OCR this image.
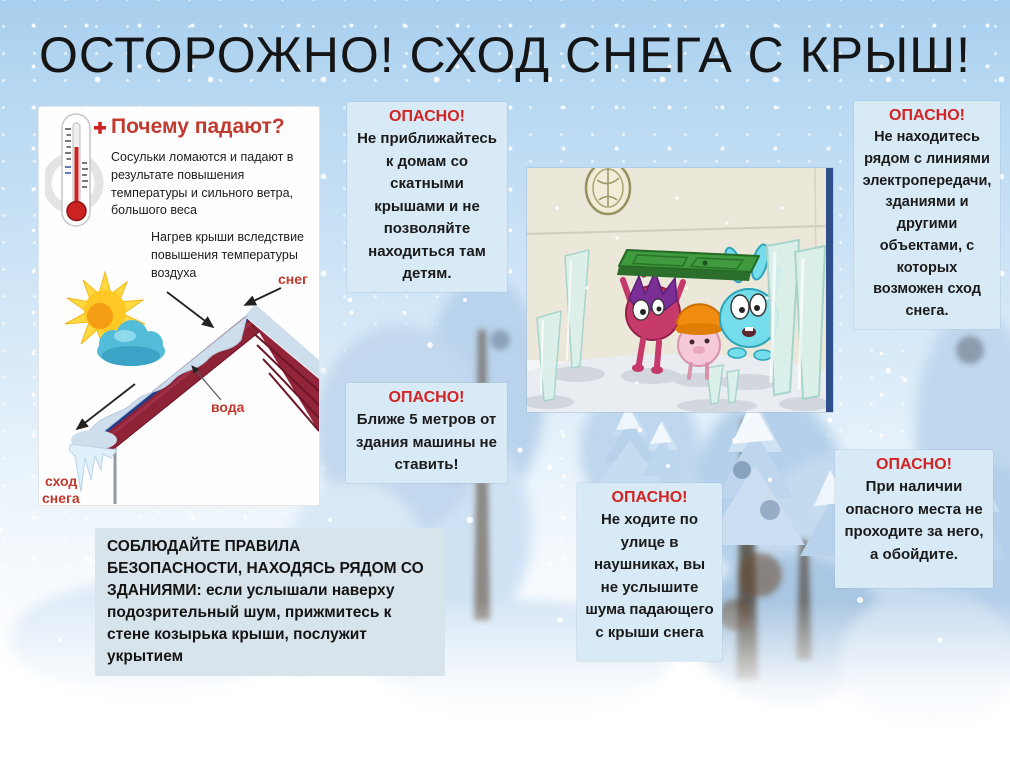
ОСТОРОЖНО! СХОД СНЕГА С КРЫШ!
Почему падают?
Сосульки ломаются и падают в результате повышения температуры и сильного ветра, большого веса
Нагрев крыши вследствие повышения температуры воздуха	снег
вода
сход
снега
ОПАСНО!
Не приближайтесь к домам со скатными крышами и не позволяйте находиться там детям.
ОПАСНО!
Ближе 5 метров от здания машины не ставить!
ОПАСНО!
Не ходите по улице в наушниках, вы не услышите шума падающего с крыши снега
ОПАСНО!
Не находитесь рядом с линиями электропередачи, зданиями и другими объектами, с которых возможен сход снега.
ОПАСНО!
При наличии опасного места не проходите за него, а обойдите.
СОБЛЮДАЙТЕ ПРАВИЛА БЕЗОПАСНОСТИ, НАХОДЯСЬ РЯДОМ СО ЗДАНИЯМИ: если услышали наверху подозрительный шум, прижмитесь к стене козырька крыши, послужит укрытием
